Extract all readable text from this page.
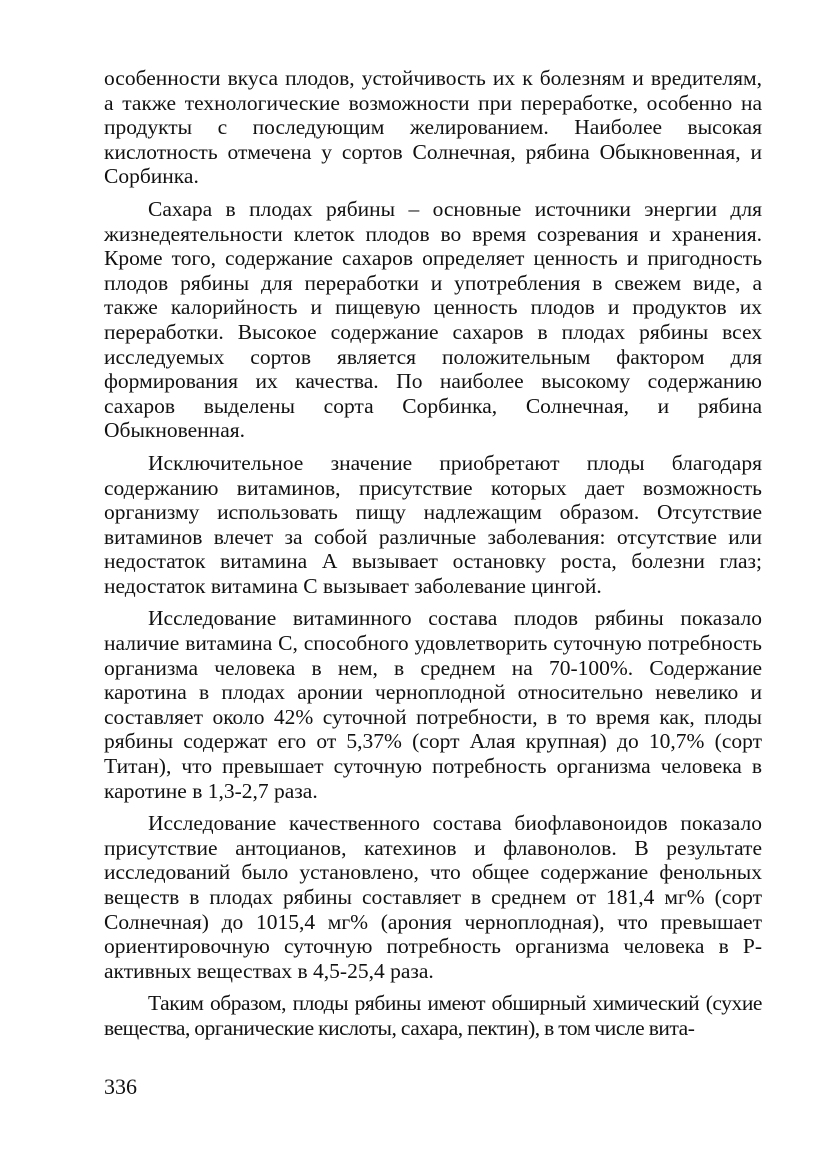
особенности вкуса плодов, устойчивость их к болезням и вредителям, а также технологические возможности при переработке, особенно на продукты с последующим желированием. Наиболее высокая кислотность отмечена у сортов Солнечная, рябина Обыкновенная, и Сорбинка.

Сахара в плодах рябины – основные источники энергии для жизнедеятельности клеток плодов во время созревания и хранения. Кроме того, содержание сахаров определяет ценность и пригодность плодов рябины для переработки и употребления в свежем виде, а также калорийность и пищевую ценность плодов и продуктов их переработки. Высокое содержание сахаров в плодах рябины всех исследуемых сортов является положительным фактором для формирования их качества. По наиболее высокому содержанию сахаров выделены сорта Сорбинка, Солнечная, и рябина Обыкновенная.

Исключительное значение приобретают плоды благодаря содержанию витаминов, присутствие которых дает возможность организму использовать пищу надлежащим образом. Отсутствие витаминов влечет за собой различные заболевания: отсутствие или недостаток витамина А вызывает остановку роста, болезни глаз; недостаток витамина С вызывает заболевание цингой.

Исследование витаминного состава плодов рябины показало наличие витамина С, способного удовлетворить суточную потребность организма человека в нем, в среднем на 70-100%. Содержание каротина в плодах аронии черноплодной относительно невелико и составляет около 42% суточной потребности, в то время как, плоды рябины содержат его от 5,37% (сорт Алая крупная) до 10,7% (сорт Титан), что превышает суточную потребность организма человека в каротине в 1,3-2,7 раза.

Исследование качественного состава биофлавоноидов показало присутствие антоцианов, катехинов и флавонолов. В результате исследований было установлено, что общее содержание фенольных веществ в плодах рябины составляет в среднем от 181,4 мг% (сорт Солнечная) до 1015,4 мг% (арония черноплодная), что превышает ориентировочную суточную потребность организма человека в Р-активных веществах в 4,5-25,4 раза.

Таким образом, плоды рябины имеют обширный химический (сухие вещества, органические кислоты, сахара, пектин), в том числе вита-

336
